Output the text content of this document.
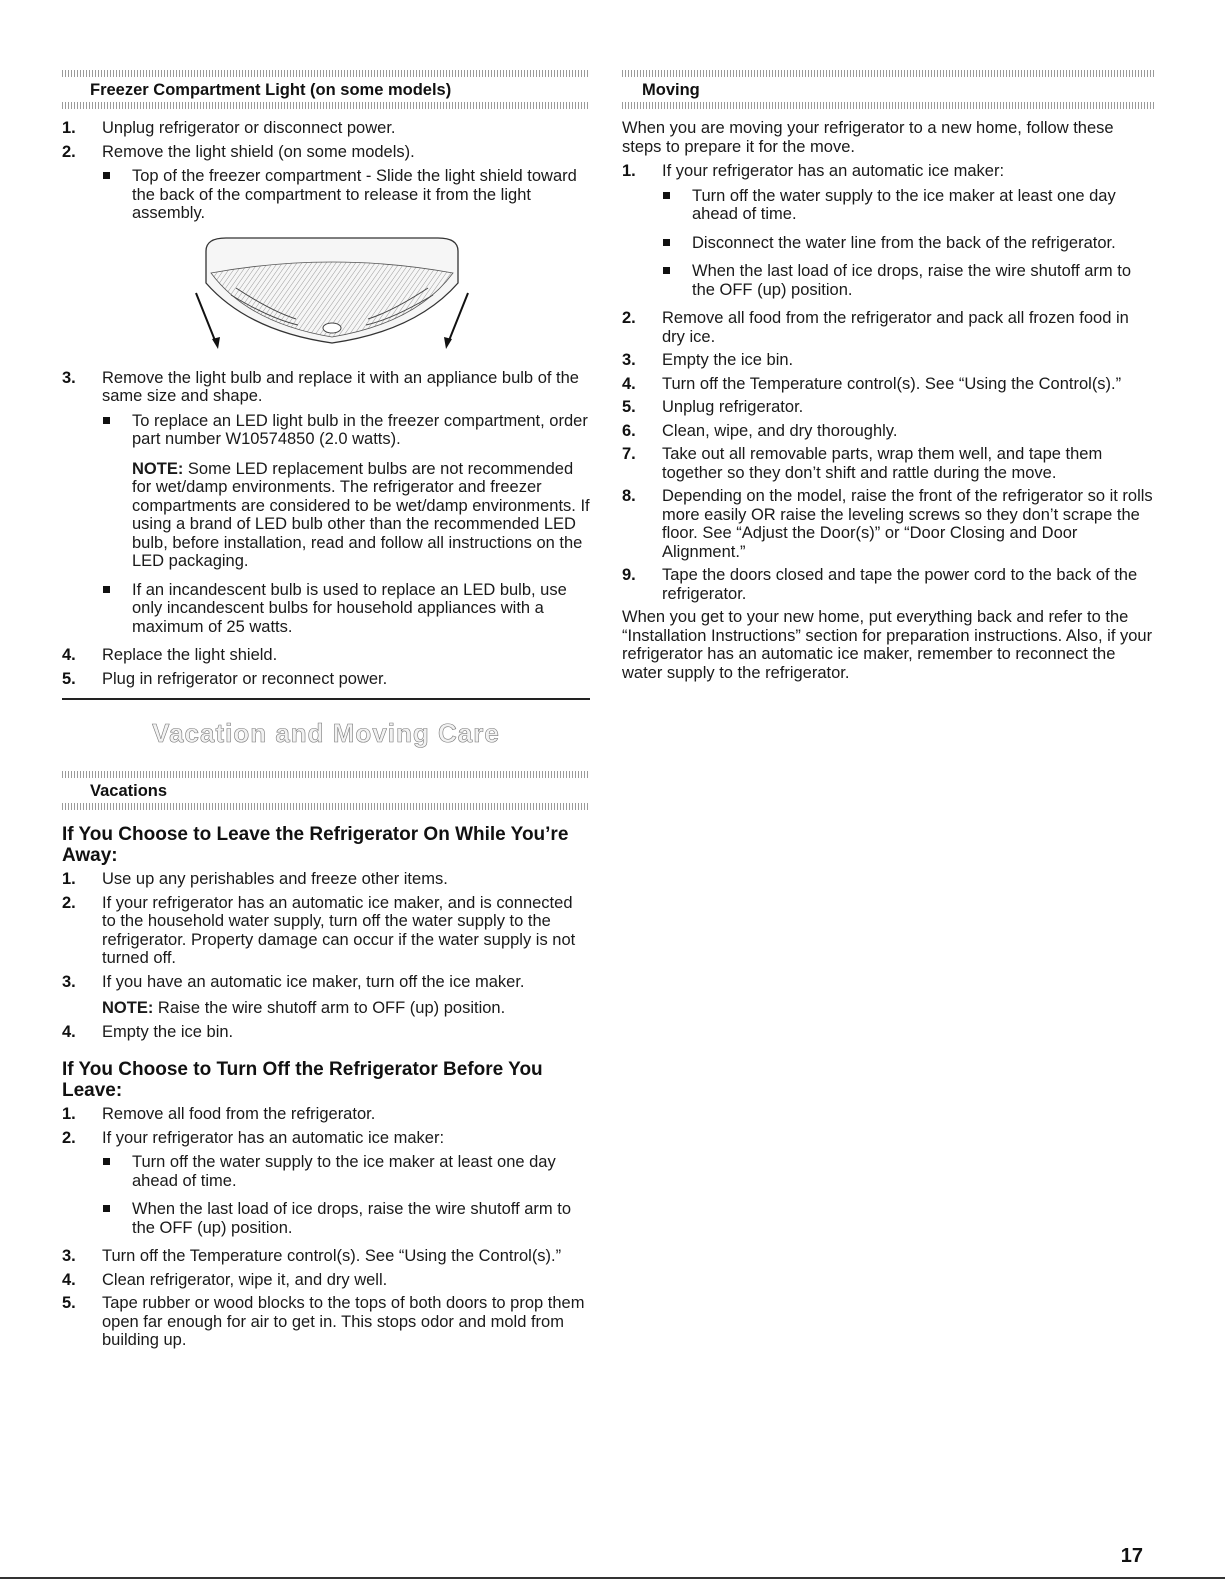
Freezer Compartment Light (on some models)
1. Unplug refrigerator or disconnect power.
2. Remove the light shield (on some models).
Top of the freezer compartment - Slide the light shield toward the back of the compartment to release it from the light assembly.
3. Remove the light bulb and replace it with an appliance bulb of the same size and shape.
To replace an LED light bulb in the freezer compartment, order part number W10574850 (2.0 watts).
NOTE: Some LED replacement bulbs are not recommended for wet/damp environments. The refrigerator and freezer compartments are considered to be wet/damp environments. If using a brand of LED bulb other than the recommended LED bulb, before installation, read and follow all instructions on the LED packaging.
If an incandescent bulb is used to replace an LED bulb, use only incandescent bulbs for household appliances with a maximum of 25 watts.
4. Replace the light shield.
5. Plug in refrigerator or reconnect power.
Vacation and Moving Care
Vacations
If You Choose to Leave the Refrigerator On While You’re Away:
1. Use up any perishables and freeze other items.
2. If your refrigerator has an automatic ice maker, and is connected to the household water supply, turn off the water supply to the refrigerator. Property damage can occur if the water supply is not turned off.
3. If you have an automatic ice maker, turn off the ice maker.
NOTE: Raise the wire shutoff arm to OFF (up) position.
4. Empty the ice bin.
If You Choose to Turn Off the Refrigerator Before You Leave:
1. Remove all food from the refrigerator.
2. If your refrigerator has an automatic ice maker:
Turn off the water supply to the ice maker at least one day ahead of time.
When the last load of ice drops, raise the wire shutoff arm to the OFF (up) position.
3. Turn off the Temperature control(s). See “Using the Control(s).”
4. Clean refrigerator, wipe it, and dry well.
5. Tape rubber or wood blocks to the tops of both doors to prop them open far enough for air to get in. This stops odor and mold from building up.
Moving

When you are moving your refrigerator to a new home, follow these steps to prepare it for the move.

1. If your refrigerator has an automatic ice maker:
Turn off the water supply to the ice maker at least one day ahead of time.
Disconnect the water line from the back of the refrigerator.
When the last load of ice drops, raise the wire shutoff arm to the OFF (up) position.
2. Remove all food from the refrigerator and pack all frozen food in dry ice.
3. Empty the ice bin.
4. Turn off the Temperature control(s). See “Using the Control(s).”
5. Unplug refrigerator.
6. Clean, wipe, and dry thoroughly.
7. Take out all removable parts, wrap them well, and tape them together so they don’t shift and rattle during the move.
8. Depending on the model, raise the front of the refrigerator so it rolls more easily OR raise the leveling screws so they don’t scrape the floor. See “Adjust the Door(s)” or “Door Closing and Door Alignment.”
9. Tape the doors closed and tape the power cord to the back of the refrigerator.

When you get to your new home, put everything back and refer to the “Installation Instructions” section for preparation instructions. Also, if your refrigerator has an automatic ice maker, remember to reconnect the water supply to the refrigerator.

17
